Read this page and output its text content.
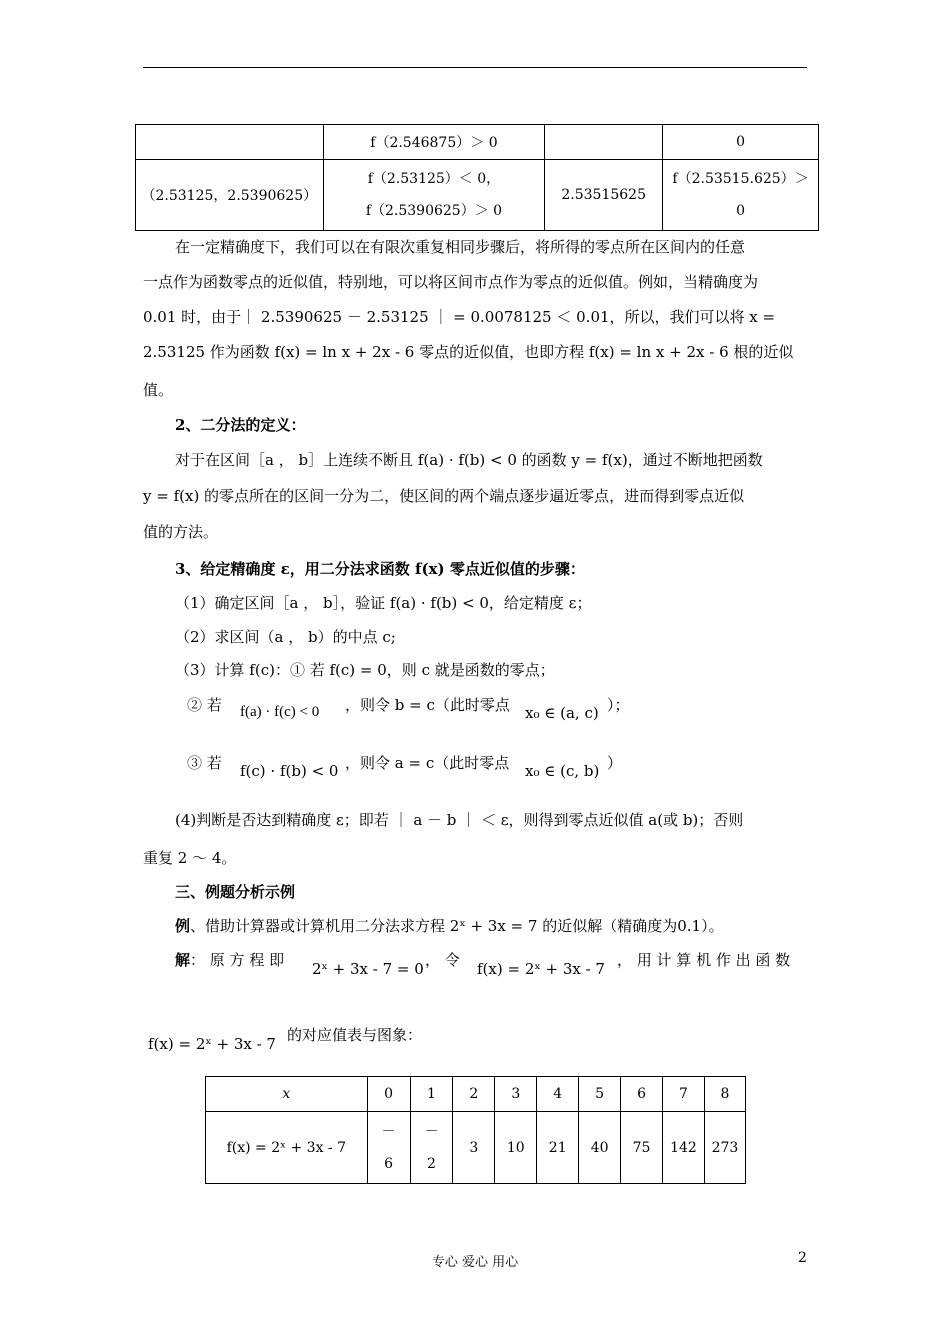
	f（2.546875）＞ 0		0
（2.53125，2.5390625）	f（2.53125）＜ 0，
f（2.5390625）＞ 0	2.53515625	f（2.53515.625）＞
0
在一定精确度下，我们可以在有限次重复相同步骤后，将所得的零点所在区间内的任意
一点作为函数零点的近似值，特别地，可以将区间市点作为零点的近似值。例如，当精确度为
0.01 时，由于｜ 2.5390625 － 2.53125 ｜ = 0.0078125 ＜ 0.01，所以，我们可以将 x =
2.53125 作为函数 f(x) = ln x + 2x - 6 零点的近似值，也即方程 f(x) = ln x + 2x - 6 根的近似
值。
2、二分法的定义：
对于在区间［a ， b］上连续不断且 f(a) · f(b) < 0 的函数 y = f(x)，通过不断地把函数
y = f(x) 的零点所在的区间一分为二，使区间的两个端点逐步逼近零点，进而得到零点近似
值的方法。
3、给定精确度 ε，用二分法求函数 f(x) 零点近似值的步骤：
（1）确定区间［a ， b］，验证 f(a) · f(b) < 0，给定精度 ε；
（2）求区间（a ， b）的中点 c;
（3）计算 f(c)：① 若 f(c) = 0，则 c 就是函数的零点；
② 若 f(a) · f(c) < 0 ，则令 b = c（此时零点 x₀ ∈ (a, c) ）；
③ 若 f(c) · f(b) < 0 ，则令 a = c（此时零点 x₀ ∈ (c, b) ）
(4)判断是否达到精确度 ε；即若 ｜ a － b ｜ ＜ ε，则得到零点近似值 a(或 b)；否则
重复 2 ～ 4。
三、例题分析示例
例、借助计算器或计算机用二分法求方程 2ˣ + 3x = 7 的近似解（精确度为0.1）。
解： 原 方 程 即 2ˣ + 3x - 7 = 0 ， 令 f(x) = 2ˣ + 3x - 7 ， 用 计 算 机 作 出 函 数
f(x) = 2ˣ + 3x - 7 的对应值表与图象：
x	0	1	2	3	4	5	6	7	8
f(x) = 2ˣ + 3x - 7	－
6	－
2	3	10	21	40	75	142	273
专心 爱心 用心	2
